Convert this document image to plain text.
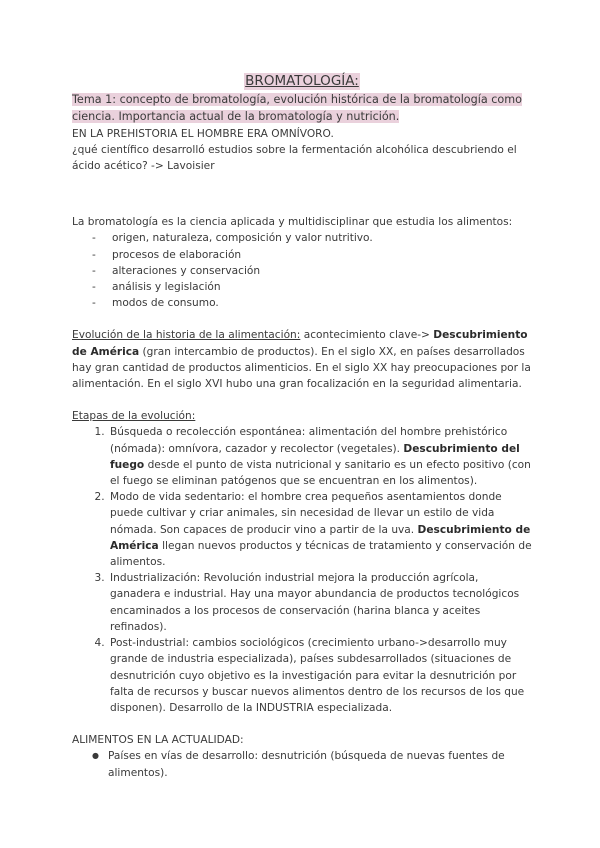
BROMATOLOGÍA:

Tema 1: concepto de bromatología, evolución histórica de la bromatología como ciencia. Importancia actual de la bromatología y nutrición.

EN LA PREHISTORIA EL HOMBRE ERA OMNÍVORO.

¿qué científico desarrolló estudios sobre la fermentación alcohólica descubriendo el ácido acético? -> Lavoisier

La bromatología es la ciencia aplicada y multidisciplinar que estudia los alimentos:

- origen, naturaleza, composición y valor nutritivo.
- procesos de elaboración
- alteraciones y conservación
- análisis y legislación
- modos de consumo.

Evolución de la historia de la alimentación: acontecimiento clave-> Descubrimiento de América (gran intercambio de productos). En el siglo XX, en países desarrollados hay gran cantidad de productos alimenticios. En el siglo XX hay preocupaciones por la alimentación. En el siglo XVI hubo una gran focalización en la seguridad alimentaria.

Etapas de la evolución:

1. Búsqueda o recolección espontánea: alimentación del hombre prehistórico (nómada): omnívora, cazador y recolector (vegetales). Descubrimiento del fuego desde el punto de vista nutricional y sanitario es un efecto positivo (con el fuego se eliminan patógenos que se encuentran en los alimentos).
2. Modo de vida sedentario: el hombre crea pequeños asentamientos donde puede cultivar y criar animales, sin necesidad de llevar un estilo de vida nómada. Son capaces de producir vino a partir de la uva. Descubrimiento de América llegan nuevos productos y técnicas de tratamiento y conservación de alimentos.
3. Industrialización: Revolución industrial mejora la producción agrícola, ganadera e industrial. Hay una mayor abundancia de productos tecnológicos encaminados a los procesos de conservación (harina blanca y aceites refinados).
4. Post-industrial: cambios sociológicos (crecimiento urbano->desarrollo muy grande de industria especializada), países subdesarrollados (situaciones de desnutrición cuyo objetivo es la investigación para evitar la desnutrición por falta de recursos y buscar nuevos alimentos dentro de los recursos de los que disponen). Desarrollo de la INDUSTRIA especializada.

ALIMENTOS EN LA ACTUALIDAD:

● Países en vías de desarrollo: desnutrición (búsqueda de nuevas fuentes de alimentos).
